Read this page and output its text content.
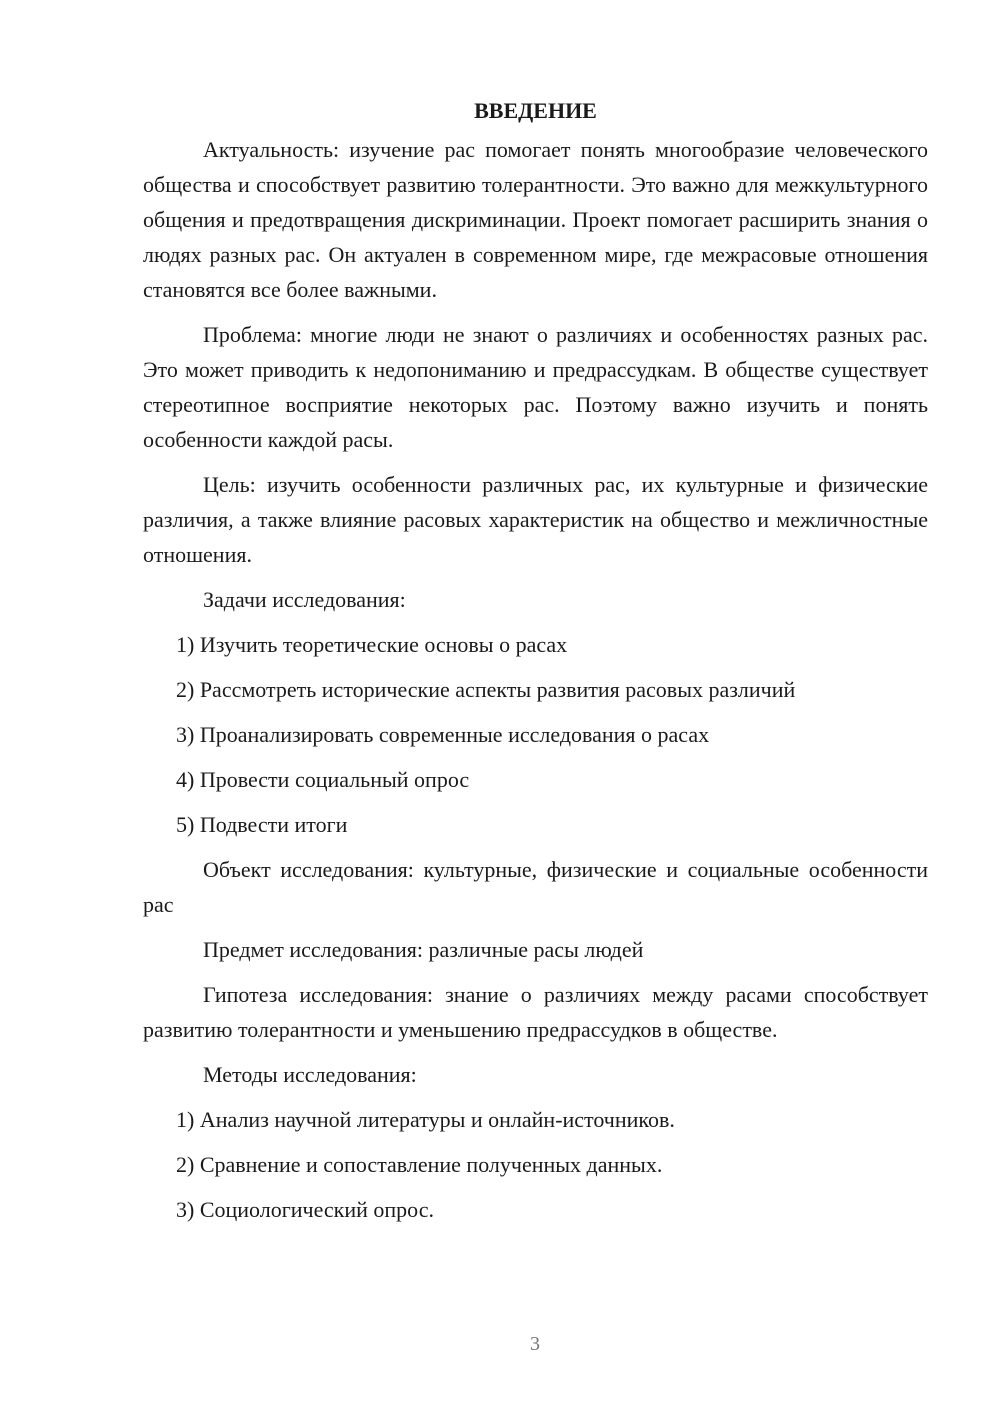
ВВЕДЕНИЕ

Актуальность: изучение рас помогает понять многообразие человеческого общества и способствует развитию толерантности. Это важно для межкультурного общения и предотвращения дискриминации. Проект помогает расширить знания о людях разных рас. Он актуален в современном мире, где межрасовые отношения становятся все более важными.

Проблема: многие люди не знают о различиях и особенностях разных рас. Это может приводить к недопониманию и предрассудкам. В обществе существует стереотипное восприятие некоторых рас. Поэтому важно изучить и понять особенности каждой расы.

Цель: изучить особенности различных рас, их культурные и физические различия, а также влияние расовых характеристик на общество и межличностные отношения.

Задачи исследования:

1) Изучить теоретические основы о расах
2) Рассмотреть исторические аспекты развития расовых различий
3) Проанализировать современные исследования о расах
4) Провести социальный опрос
5) Подвести итоги

Объект исследования: культурные, физические и социальные особенности рас

Предмет исследования: различные расы людей

Гипотеза исследования: знание о различиях между расами способствует развитию толерантности и уменьшению предрассудков в обществе.

Методы исследования:

1) Анализ научной литературы и онлайн-источников.
2) Сравнение и сопоставление полученных данных.
3) Социологический опрос.
3
